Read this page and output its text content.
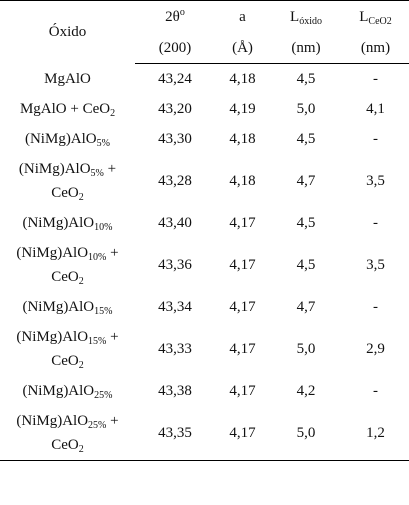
Óxido	$2\theta^o$	a	$L_{óxido}$	$L_{CeO2}$
	(200)	(Å)	(nm)	(nm)
MgAlO	43,24	4,18	4,5	-
MgAlO + CeO$_2$	43,20	4,19	5,0	4,1
(NiMg)AlO$_{5\%}$	43,30	4,18	4,5	-
(NiMg)AlO$_{5\%}$ +
CeO$_2$	43,28	4,18	4,7	3,5
(NiMg)AlO$_{10\%}$	43,40	4,17	4,5	-
(NiMg)AlO$_{10\%}$ +
CeO$_2$	43,36	4,17	4,5	3,5
(NiMg)AlO$_{15\%}$	43,34	4,17	4,7	-
(NiMg)AlO$_{15\%}$ +
CeO$_2$	43,33	4,17	5,0	2,9
(NiMg)AlO$_{25\%}$	43,38	4,17	4,2	-
(NiMg)AlO$_{25\%}$ +
CeO$_2$	43,35	4,17	5,0	1,2
